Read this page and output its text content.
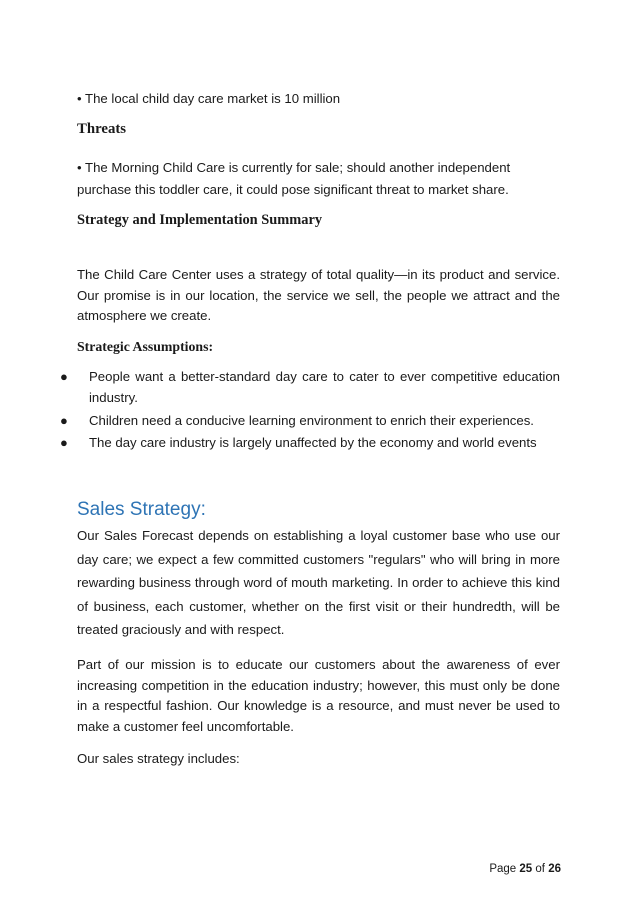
• The local child day care market is 10 million
Threats
• The Morning Child Care is currently for sale; should another independent purchase this toddler care, it could pose significant threat to market share.
Strategy and Implementation Summary
The Child Care Center uses a strategy of total quality—in its product and service. Our promise is in our location, the service we sell, the people we attract and the atmosphere we create.
Strategic Assumptions:
● People want a better-standard day care to cater to ever competitive education industry.
● Children need a conducive learning environment to enrich their experiences.
● The day care industry is largely unaffected by the economy and world events
Sales Strategy:
Our Sales Forecast depends on establishing a loyal customer base who use our day care; we expect a few committed customers "regulars" who will bring in more rewarding business through word of mouth marketing. In order to achieve this kind of business, each customer, whether on the first visit or their hundredth, will be treated graciously and with respect.
Part of our mission is to educate our customers about the awareness of ever increasing competition in the education industry; however, this must only be done in a respectful fashion. Our knowledge is a resource, and must never be used to make a customer feel uncomfortable.
Our sales strategy includes:
Page 25 of 26
